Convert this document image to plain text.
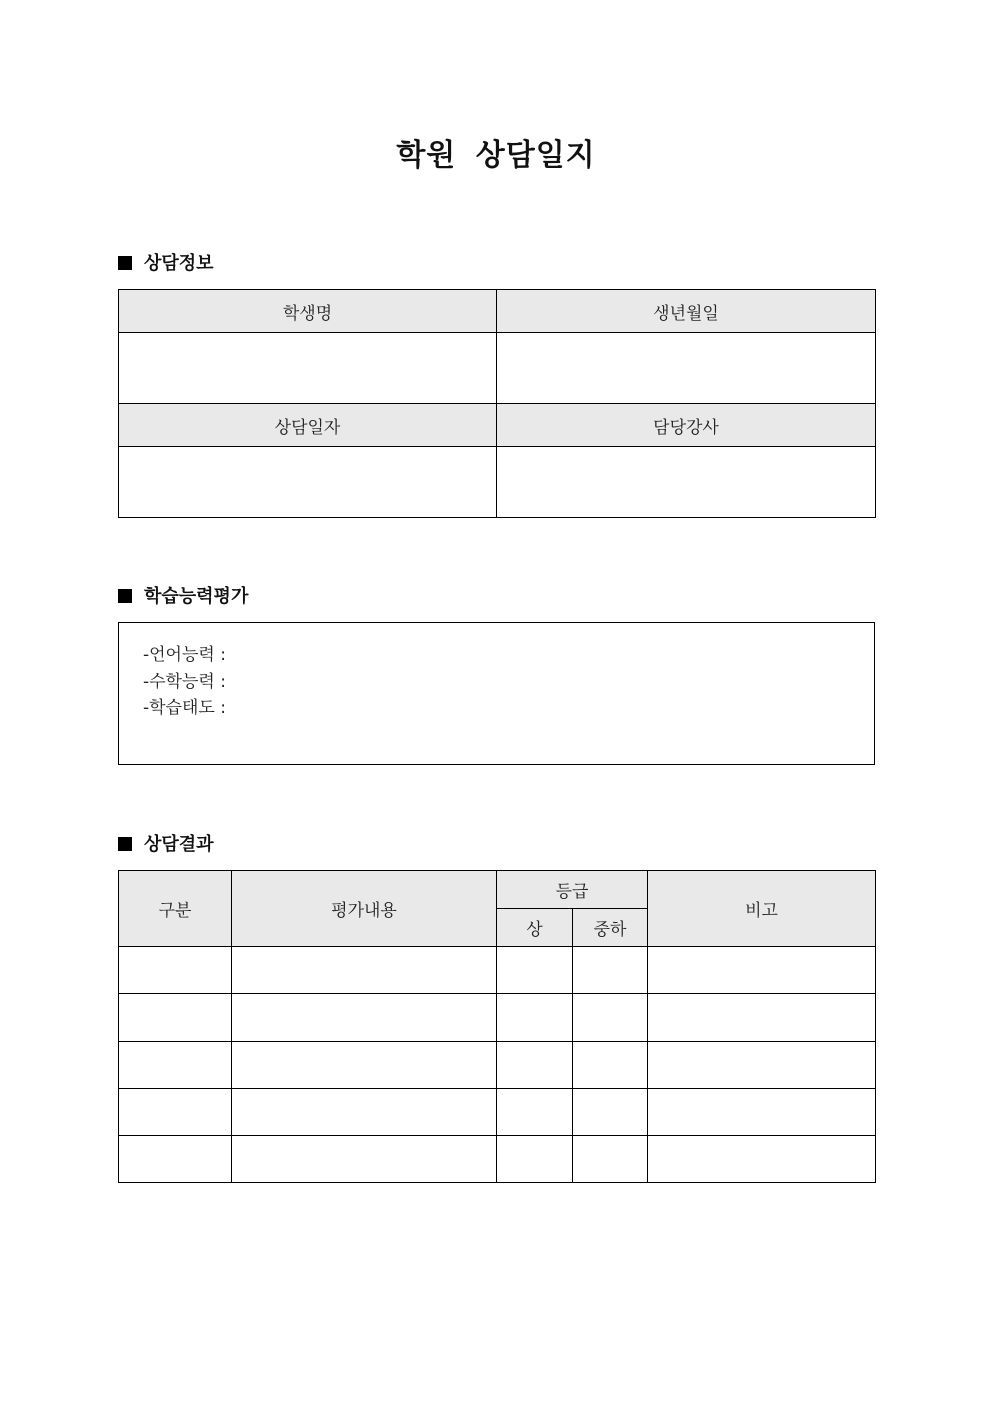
학원 상담일지
상담정보
학생명	생년월일

상담일자	담당강사

학습능력평가
-언어능력 :
-수학능력 :
-학습태도 :
상담결과
구분	평가내용	등급		비고
		상	중하	
